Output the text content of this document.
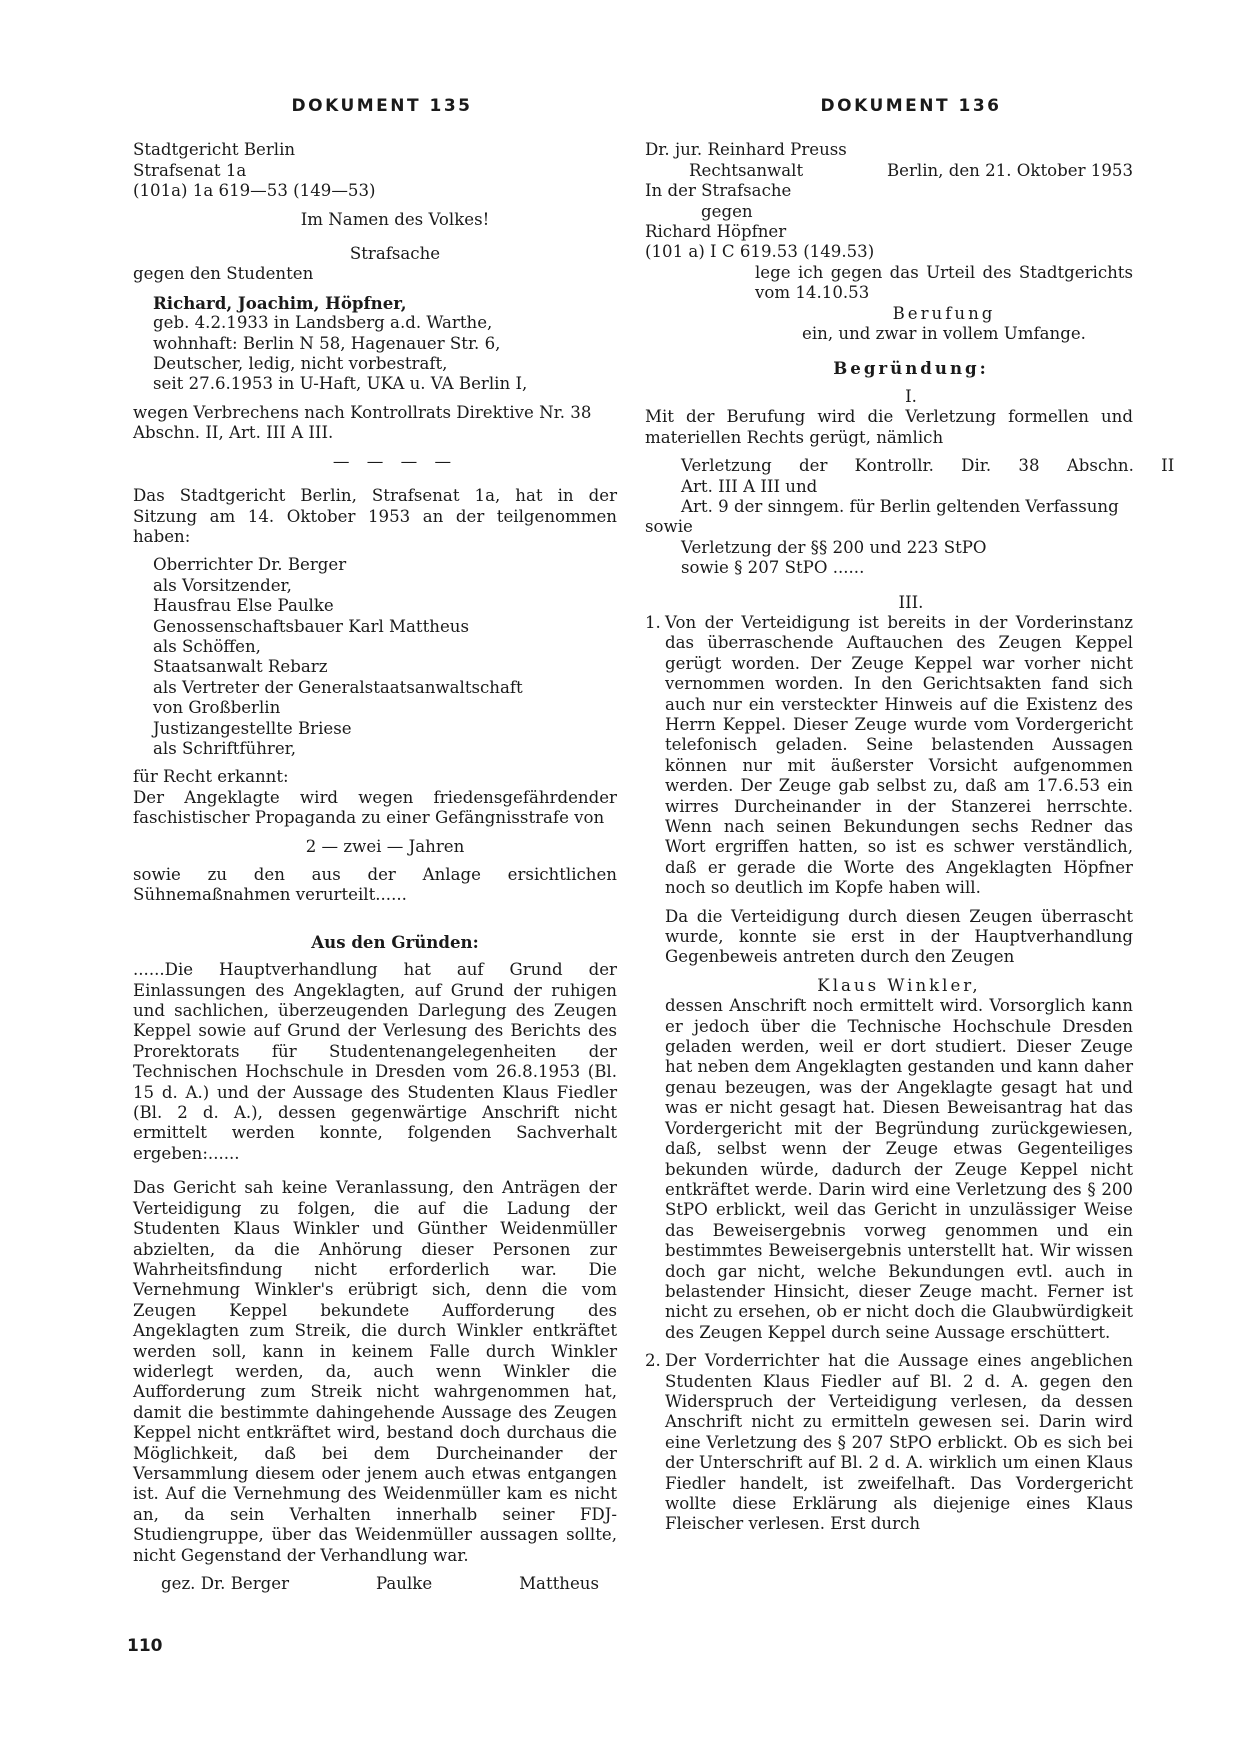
DOKUMENT 135
Stadtgericht Berlin
Strafsenat 1a
(101a) 1a 619—53 (149—53)
Im Namen des Volkes!
Strafsache
gegen den Studenten
Richard, Joachim, Höpfner,
geb. 4.2.1933 in Landsberg a.d. Warthe,
wohnhaft: Berlin N 58, Hagenauer Str. 6,
Deutscher, ledig, nicht vorbestraft,
seit 27.6.1953 in U-Haft, UKA u. VA Berlin I,
wegen Verbrechens nach Kontrollrats Direktive Nr. 38
Abschn. II, Art. III A III.
— — — —

Das Stadtgericht Berlin, Strafsenat 1a, hat in der Sitzung am 14. Oktober 1953 an der teilgenommen haben:

Oberrichter Dr. Berger
als Vorsitzender,
Hausfrau Else Paulke
Genossenschaftsbauer Karl Mattheus
als Schöffen,
Staatsanwalt Rebarz
als Vertreter der Generalstaatsanwaltschaft
von Großberlin
Justizangestellte Briese
als Schriftführer,
für Recht erkannt:

Der Angeklagte wird wegen friedensgefährdender faschistischer Propaganda zu einer Gefängnisstrafe von

2 — zwei — Jahren

sowie zu den aus der Anlage ersichtlichen Sühnemaßnahmen verurteilt......

Aus den Gründen:

......Die Hauptverhandlung hat auf Grund der Einlassungen des Angeklagten, auf Grund der ruhigen und sachlichen, überzeugenden Darlegung des Zeugen Keppel sowie auf Grund der Verlesung des Berichts des Prorektorats für Studentenangelegenheiten der Technischen Hochschule in Dresden vom 26.8.1953 (Bl. 15 d. A.) und der Aussage des Studenten Klaus Fiedler (Bl. 2 d. A.), dessen gegenwärtige Anschrift nicht ermittelt werden konnte, folgenden Sachverhalt ergeben:......

Das Gericht sah keine Veranlassung, den Anträgen der Verteidigung zu folgen, die auf die Ladung der Studenten Klaus Winkler und Günther Weidenmüller abzielten, da die Anhörung dieser Personen zur Wahrheitsfindung nicht erforderlich war. Die Vernehmung Winkler's erübrigt sich, denn die vom Zeugen Keppel bekundete Aufforderung des Angeklagten zum Streik, die durch Winkler entkräftet werden soll, kann in keinem Falle durch Winkler widerlegt werden, da, auch wenn Winkler die Aufforderung zum Streik nicht wahrgenommen hat, damit die bestimmte dahingehende Aussage des Zeugen Keppel nicht entkräftet wird, bestand doch durchaus die Möglichkeit, daß bei dem Durcheinander der Versammlung diesem oder jenem auch etwas entgangen ist. Auf die Vernehmung des Weidenmüller kam es nicht an, da sein Verhalten innerhalb seiner FDJ-Studiengruppe, über das Weidenmüller aussagen sollte, nicht Gegenstand der Verhandlung war.

gez. Dr. Berger	Paulke	Mattheus
DOKUMENT 136
Dr. jur. Reinhard Preuss
Rechtsanwalt	Berlin, den 21. Oktober 1953
In der Strafsache
gegen
Richard Höpfner
(101 a) I C 619.53 (149.53)

lege ich gegen das Urteil des Stadtgerichts vom 14.10.53

Berufung
ein, und zwar in vollem Umfange.
Begründung:
I.

Mit der Berufung wird die Verletzung formellen und materiellen Rechts gerügt, nämlich

Verletzung der Kontrollr. Dir. 38 Abschn. II
Art. III A III und
Art. 9 der sinngem. für Berlin geltenden Verfassung
sowie
Verletzung der §§ 200 und 223 StPO
sowie § 207 StPO ......
III.
1. Von der Verteidigung ist bereits in der Vorderinstanz das überraschende Auftauchen des Zeugen Keppel gerügt worden. Der Zeuge Keppel war vorher nicht vernommen worden. In den Gerichtsakten fand sich auch nur ein versteckter Hinweis auf die Existenz des Herrn Keppel. Dieser Zeuge wurde vom Vordergericht telefonisch geladen. Seine belastenden Aussagen können nur mit äußerster Vorsicht aufgenommen werden. Der Zeuge gab selbst zu, daß am 17.6.53 ein wirres Durcheinander in der Stanzerei herrschte. Wenn nach seinen Bekundungen sechs Redner das Wort ergriffen hatten, so ist es schwer verständlich, daß er gerade die Worte des Angeklagten Höpfner noch so deutlich im Kopfe haben will.

Da die Verteidigung durch diesen Zeugen überrascht wurde, konnte sie erst in der Hauptverhandlung Gegenbeweis antreten durch den Zeugen

Klaus Winkler,

dessen Anschrift noch ermittelt wird. Vorsorglich kann er jedoch über die Technische Hochschule Dresden geladen werden, weil er dort studiert. Dieser Zeuge hat neben dem Angeklagten gestanden und kann daher genau bezeugen, was der Angeklagte gesagt hat und was er nicht gesagt hat. Diesen Beweisantrag hat das Vordergericht mit der Begründung zurückgewiesen, daß, selbst wenn der Zeuge etwas Gegenteiliges bekunden würde, dadurch der Zeuge Keppel nicht entkräftet werde. Darin wird eine Verletzung des § 200 StPO erblickt, weil das Gericht in unzulässiger Weise das Beweisergebnis vorweg genommen und ein bestimmtes Beweisergebnis unterstellt hat. Wir wissen doch gar nicht, welche Bekundungen evtl. auch in belastender Hinsicht, dieser Zeuge macht. Ferner ist nicht zu ersehen, ob er nicht doch die Glaubwürdigkeit des Zeugen Keppel durch seine Aussage erschüttert.

2. Der Vorderrichter hat die Aussage eines angeblichen Studenten Klaus Fiedler auf Bl. 2 d. A. gegen den Widerspruch der Verteidigung verlesen, da dessen Anschrift nicht zu ermitteln gewesen sei. Darin wird eine Verletzung des § 207 StPO erblickt. Ob es sich bei der Unterschrift auf Bl. 2 d. A. wirklich um einen Klaus Fiedler handelt, ist zweifelhaft. Das Vordergericht wollte diese Erklärung als diejenige eines Klaus Fleischer verlesen. Erst durch
110
